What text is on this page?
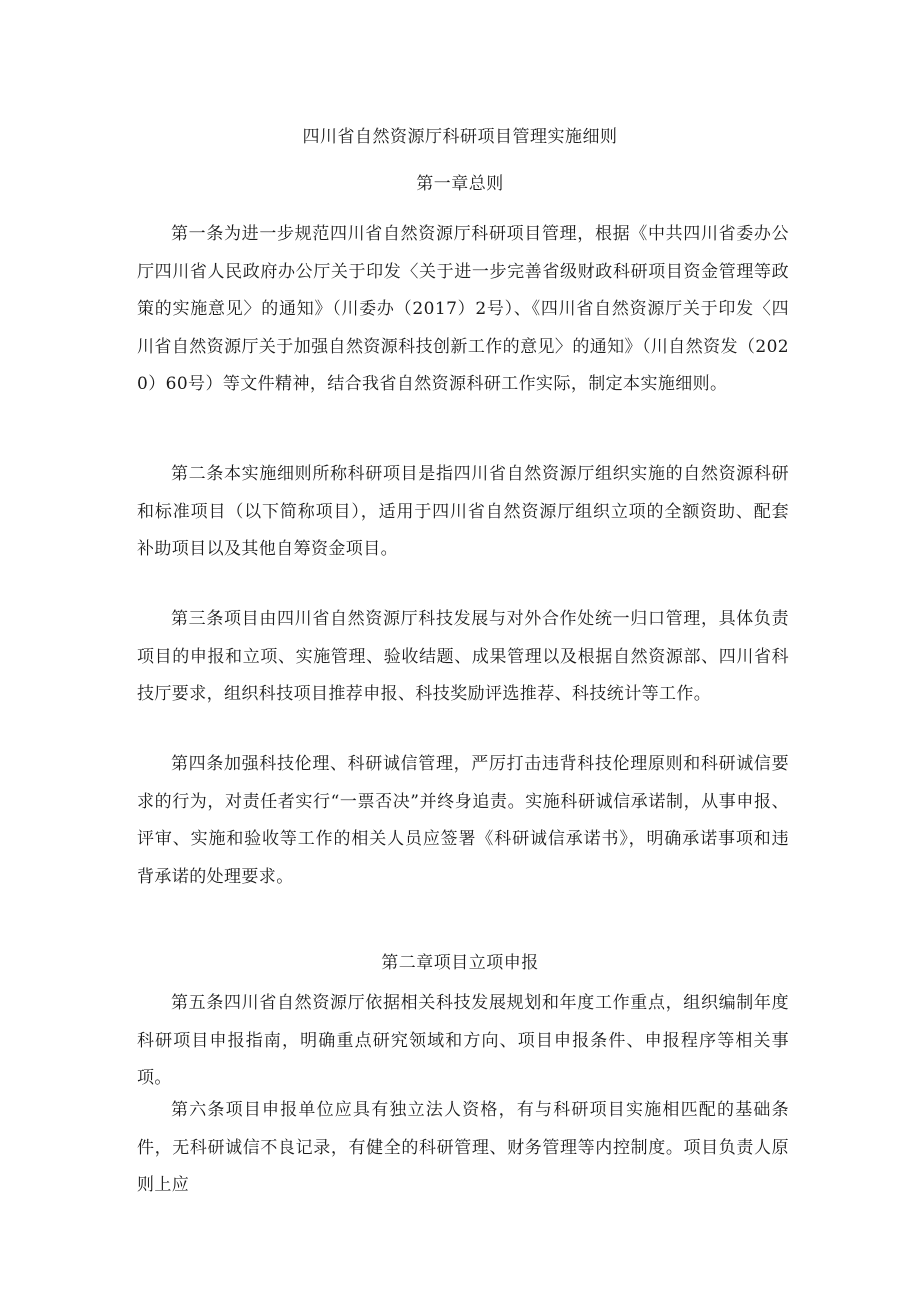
四川省自然资源厅科研项目管理实施细则
第一章总则

第一条为进一步规范四川省自然资源厅科研项目管理，根据《中共四川省委办公厅四川省人民政府办公厅关于印发〈关于进一步完善省级财政科研项目资金管理等政策的实施意见〉的通知》（川委办（2017）2号）、《四川省自然资源厅关于印发〈四川省自然资源厅关于加强自然资源科技创新工作的意见〉的通知》（川自然资发（2020）60号）等文件精神，结合我省自然资源科研工作实际，制定本实施细则。

第二条本实施细则所称科研项目是指四川省自然资源厅组织实施的自然资源科研和标准项目（以下简称项目），适用于四川省自然资源厅组织立项的全额资助、配套补助项目以及其他自筹资金项目。

第三条项目由四川省自然资源厅科技发展与对外合作处统一归口管理，具体负责项目的申报和立项、实施管理、验收结题、成果管理以及根据自然资源部、四川省科技厅要求，组织科技项目推荐申报、科技奖励评选推荐、科技统计等工作。

第四条加强科技伦理、科研诚信管理，严厉打击违背科技伦理原则和科研诚信要求的行为，对责任者实行“一票否决”并终身追责。实施科研诚信承诺制，从事申报、评审、实施和验收等工作的相关人员应签署《科研诚信承诺书》，明确承诺事项和违背承诺的处理要求。

第二章项目立项申报

第五条四川省自然资源厅依据相关科技发展规划和年度工作重点，组织编制年度科研项目申报指南，明确重点研究领域和方向、项目申报条件、申报程序等相关事项。

第六条项目申报单位应具有独立法人资格，有与科研项目实施相匹配的基础条件，无科研诚信不良记录，有健全的科研管理、财务管理等内控制度。项目负责人原则上应
